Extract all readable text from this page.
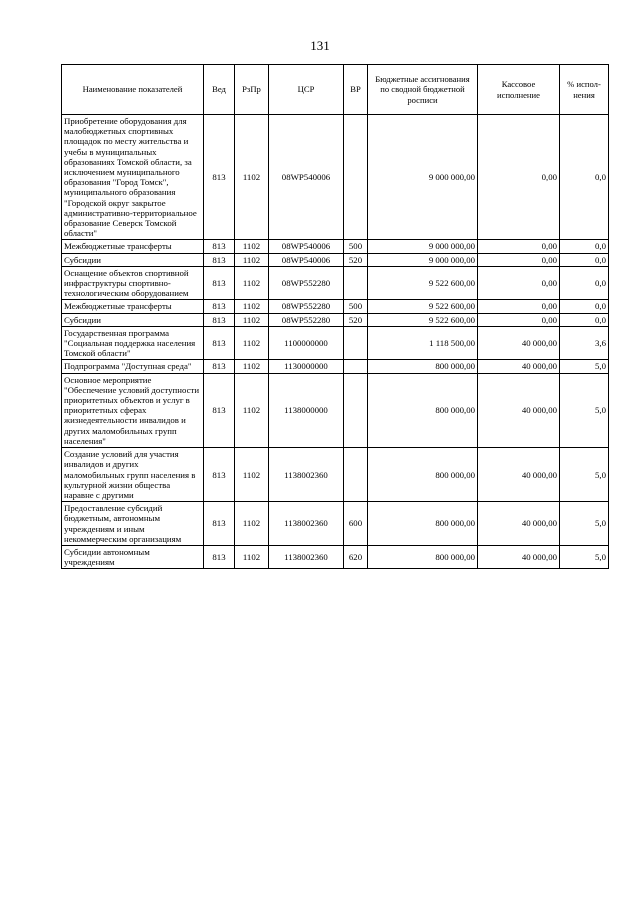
131
Наименование показателей	Вед	РзПр	ЦСР	ВР	Бюджетные ассигнования по сводной бюджетной росписи	Кассовое исполнение	% испол-нения
Приобретение оборудования для малобюджетных спортивных площадок по месту жительства и учебы в муниципальных образованиях Томской области, за исключением муниципального образования "Город Томск", муниципального образования "Городской округ закрытое административно-территориальное образование Северск Томской области"	813	1102	08WP540006		9 000 000,00	0,00	0,0
Межбюджетные трансферты	813	1102	08WP540006	500	9 000 000,00	0,00	0,0
Субсидии	813	1102	08WP540006	520	9 000 000,00	0,00	0,0
Оснащение объектов спортивной инфраструктуры спортивно-технологическим оборудованием	813	1102	08WP552280		9 522 600,00	0,00	0,0
Межбюджетные трансферты	813	1102	08WP552280	500	9 522 600,00	0,00	0,0
Субсидии	813	1102	08WP552280	520	9 522 600,00	0,00	0,0
Государственная программа "Социальная поддержка населения Томской области"	813	1102	1100000000		1 118 500,00	40 000,00	3,6
Подпрограмма "Доступная среда"	813	1102	1130000000		800 000,00	40 000,00	5,0
Основное мероприятие "Обеспечение условий доступности приоритетных объектов и услуг в приоритетных сферах жизнедеятельности инвалидов и других маломобильных групп населения"	813	1102	1138000000		800 000,00	40 000,00	5,0
Создание условий для участия инвалидов и других маломобильных групп населения в культурной жизни общества наравне с другими	813	1102	1138002360		800 000,00	40 000,00	5,0
Предоставление субсидий бюджетным, автономным учреждениям и иным некоммерческим организациям	813	1102	1138002360	600	800 000,00	40 000,00	5,0
Субсидии автономным учреждениям	813	1102	1138002360	620	800 000,00	40 000,00	5,0
